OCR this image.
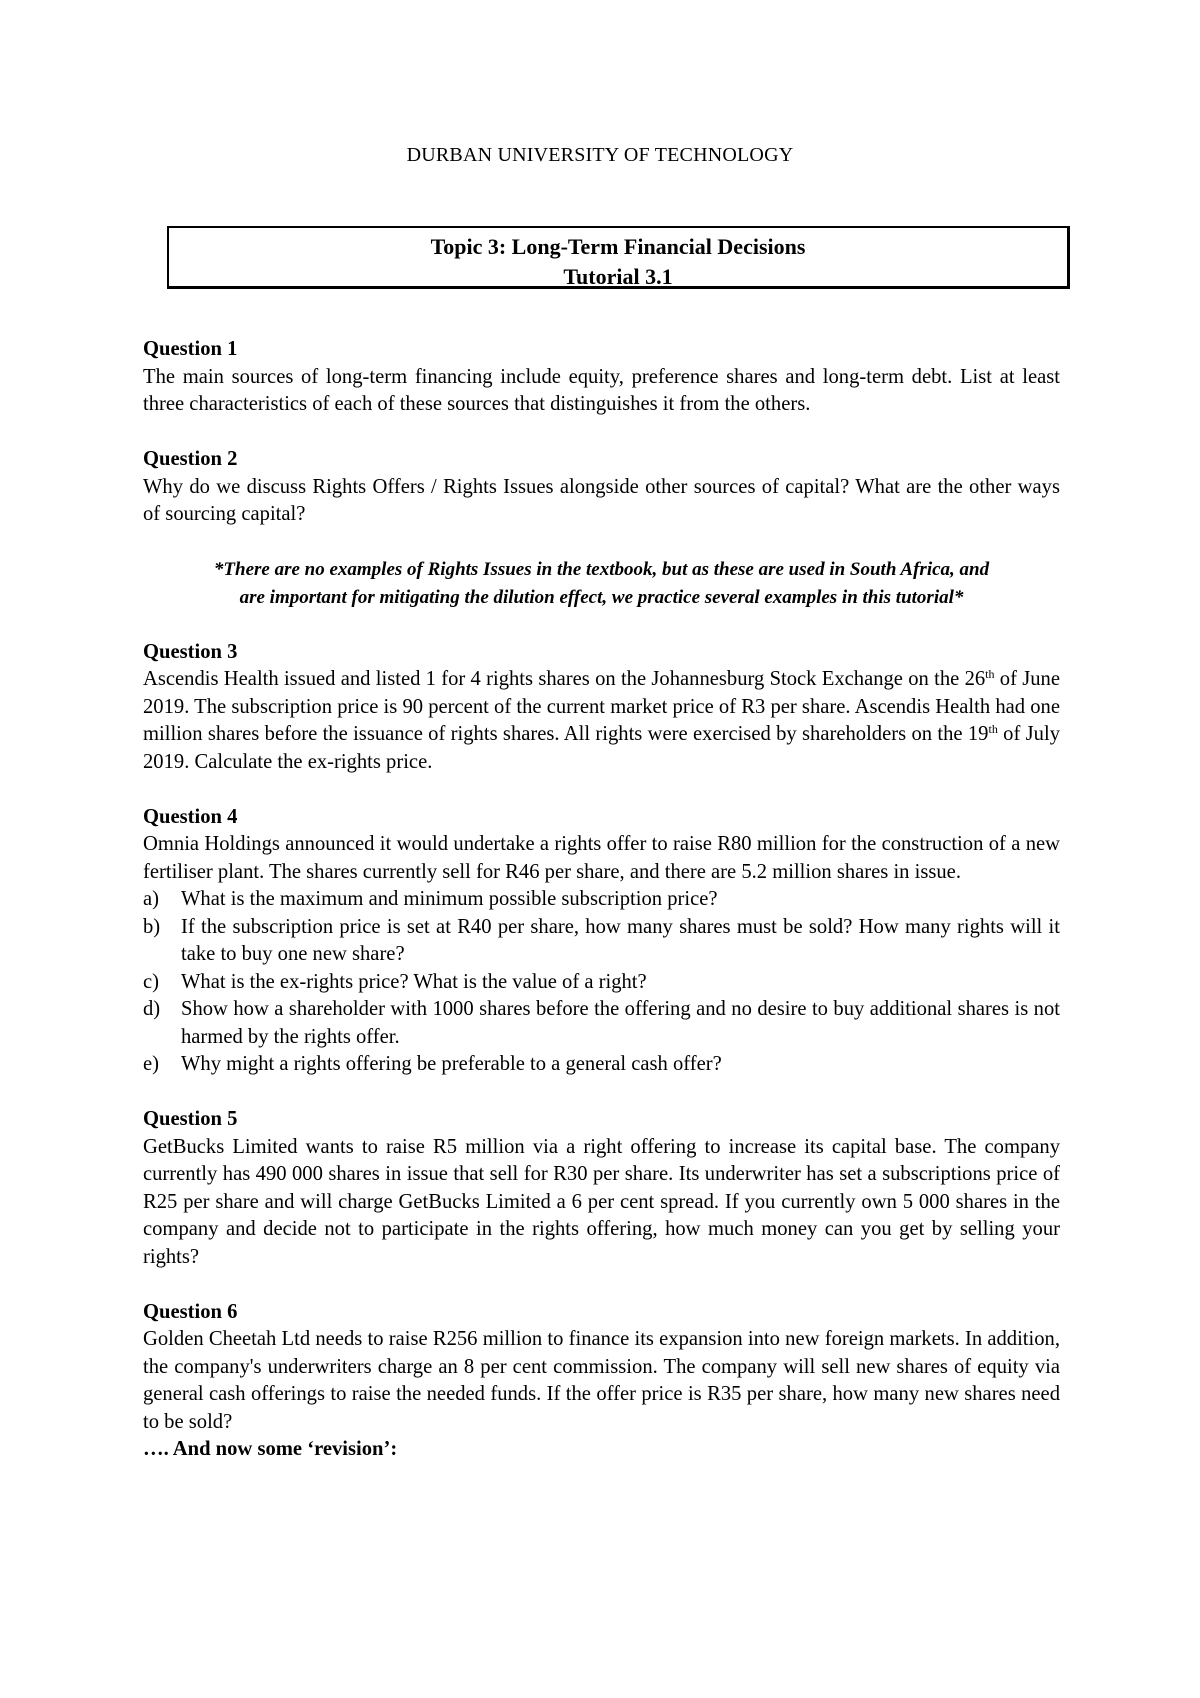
DURBAN UNIVERSITY OF TECHNOLOGY
Topic 3: Long-Term Financial Decisions
Tutorial 3.1

Question 1

The main sources of long-term financing include equity, preference shares and long-term debt. List at least three characteristics of each of these sources that distinguishes it from the others.

Question 2

Why do we discuss Rights Offers / Rights Issues alongside other sources of capital? What are the other ways of sourcing capital?

*There are no examples of Rights Issues in the textbook, but as these are used in South Africa, and

are important for mitigating the dilution effect, we practice several examples in this tutorial*

Question 3

Ascendis Health issued and listed 1 for 4 rights shares on the Johannesburg Stock Exchange on the 26th of June 2019. The subscription price is 90 percent of the current market price of R3 per share. Ascendis Health had one million shares before the issuance of rights shares. All rights were exercised by shareholders on the 19th of July 2019. Calculate the ex-rights price.

Question 4

Omnia Holdings announced it would undertake a rights offer to raise R80 million for the construction of a new fertiliser plant. The shares currently sell for R46 per share, and there are 5.2 million shares in issue.

a) What is the maximum and minimum possible subscription price?
b) If the subscription price is set at R40 per share, how many shares must be sold? How many rights will it take to buy one new share?
c) What is the ex-rights price? What is the value of a right?
d) Show how a shareholder with 1000 shares before the offering and no desire to buy additional shares is not harmed by the rights offer.
e) Why might a rights offering be preferable to a general cash offer?

Question 5

GetBucks Limited wants to raise R5 million via a right offering to increase its capital base. The company currently has 490 000 shares in issue that sell for R30 per share. Its underwriter has set a subscriptions price of R25 per share and will charge GetBucks Limited a 6 per cent spread. If you currently own 5 000 shares in the company and decide not to participate in the rights offering, how much money can you get by selling your rights?

Question 6

Golden Cheetah Ltd needs to raise R256 million to finance its expansion into new foreign markets. In addition, the company's underwriters charge an 8 per cent commission. The company will sell new shares of equity via general cash offerings to raise the needed funds. If the offer price is R35 per share, how many new shares need to be sold?

…. And now some ‘revision’:
